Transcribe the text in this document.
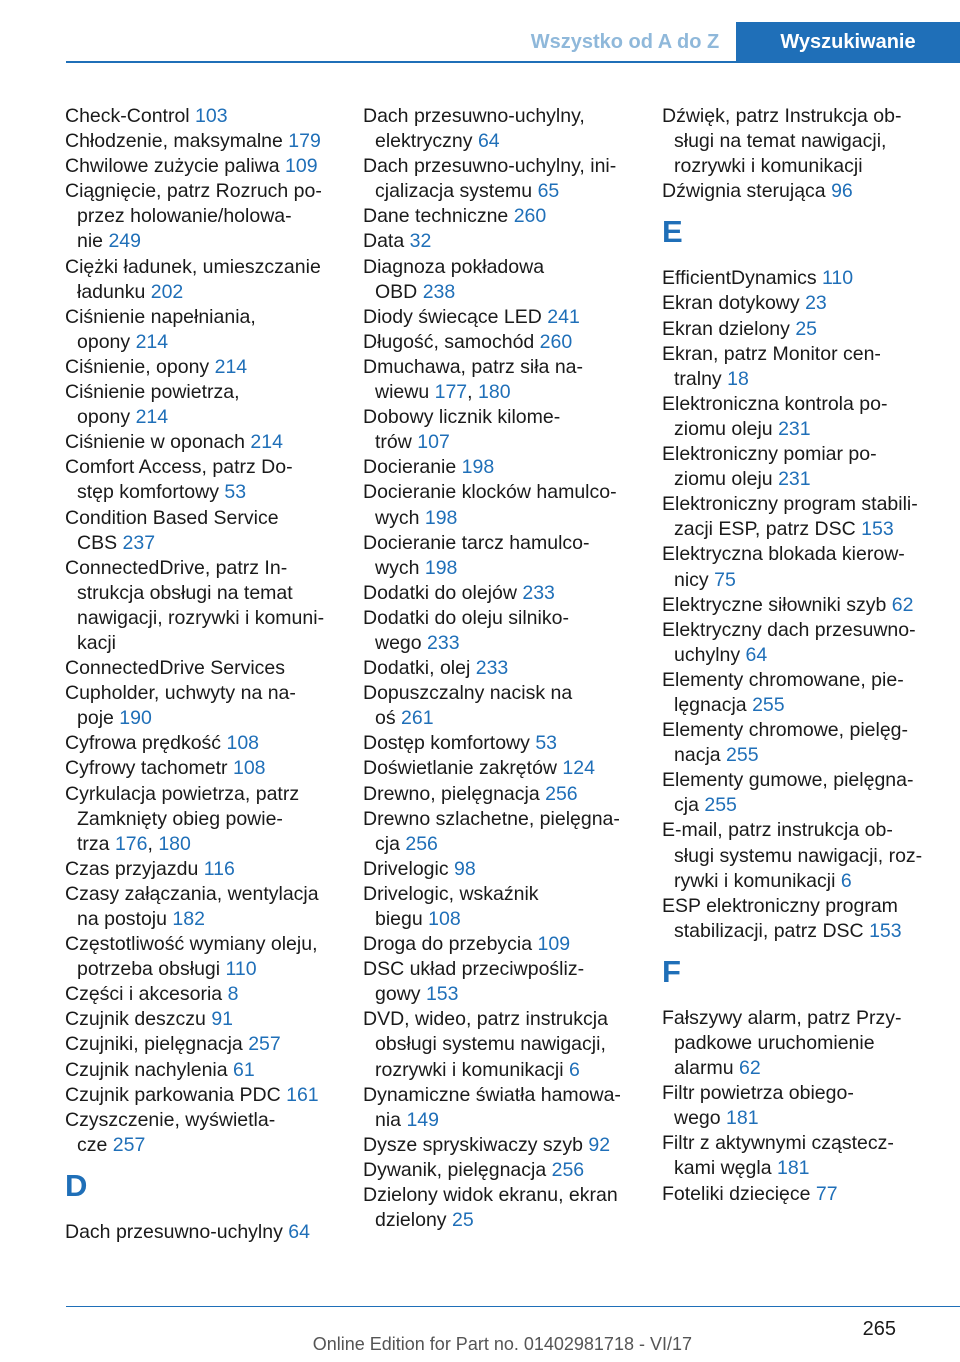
Wszystko od A do Z	Wyszukiwanie
Check-Control 103
Chłodzenie, maksymalne 179
Chwilowe zużycie paliwa 109
Ciągnięcie, patrz Rozruch po-
przez holowanie/holowa-
nie 249
Ciężki ładunek, umieszczanie
ładunku 202
Ciśnienie napełniania,
opony 214
Ciśnienie, opony 214
Ciśnienie powietrza,
opony 214
Ciśnienie w oponach 214
Comfort Access, patrz Do-
stęp komfortowy 53
Condition Based Service
CBS 237
ConnectedDrive, patrz In-
strukcja obsługi na temat
nawigacji, rozrywki i komuni-
kacji
ConnectedDrive Services
Cupholder, uchwyty na na-
poje 190
Cyfrowa prędkość 108
Cyfrowy tachometr 108
Cyrkulacja powietrza, patrz
Zamknięty obieg powie-
trza 176, 180
Czas przyjazdu 116
Czasy załączania, wentylacja
na postoju 182
Częstotliwość wymiany oleju,
potrzeba obsługi 110
Części i akcesoria 8
Czujnik deszczu 91
Czujniki, pielęgnacja 257
Czujnik nachylenia 61
Czujnik parkowania PDC 161
Czyszczenie, wyświetla-
cze 257
D
Dach przesuwno-uchylny 64
Dach przesuwno-uchylny,
elektryczny 64
Dach przesuwno-uchylny, ini-
cjalizacja systemu 65
Dane techniczne 260
Data 32
Diagnoza pokładowa
OBD 238
Diody świecące LED 241
Długość, samochód 260
Dmuchawa, patrz siła na-
wiewu 177, 180
Dobowy licznik kilome-
trów 107
Docieranie 198
Docieranie klocków hamulco-
wych 198
Docieranie tarcz hamulco-
wych 198
Dodatki do olejów 233
Dodatki do oleju silniko-
wego 233
Dodatki, olej 233
Dopuszczalny nacisk na
oś 261
Dostęp komfortowy 53
Doświetlanie zakrętów 124
Drewno, pielęgnacja 256
Drewno szlachetne, pielęgna-
cja 256
Drivelogic 98
Drivelogic, wskaźnik
biegu 108
Droga do przebycia 109
DSC układ przeciwpośliz-
gowy 153
DVD, wideo, patrz instrukcja
obsługi systemu nawigacji,
rozrywki i komunikacji 6
Dynamiczne światła hamowa-
nia 149
Dysze spryskiwaczy szyb 92
Dywanik, pielęgnacja 256
Dzielony widok ekranu, ekran
dzielony 25
Dźwięk, patrz Instrukcja ob-
sługi na temat nawigacji,
rozrywki i komunikacji
Dźwignia sterująca 96
E
EfficientDynamics 110
Ekran dotykowy 23
Ekran dzielony 25
Ekran, patrz Monitor cen-
tralny 18
Elektroniczna kontrola po-
ziomu oleju 231
Elektroniczny pomiar po-
ziomu oleju 231
Elektroniczny program stabili-
zacji ESP, patrz DSC 153
Elektryczna blokada kierow-
nicy 75
Elektryczne siłowniki szyb 62
Elektryczny dach przesuwno-
uchylny 64
Elementy chromowane, pie-
lęgnacja 255
Elementy chromowe, pielęg-
nacja 255
Elementy gumowe, pielęgna-
cja 255
E-mail, patrz instrukcja ob-
sługi systemu nawigacji, roz-
rywki i komunikacji 6
ESP elektroniczny program
stabilizacji, patrz DSC 153
F
Fałszywy alarm, patrz Przy-
padkowe uruchomienie
alarmu 62
Filtr powietrza obiego-
wego 181
Filtr z aktywnymi cząstecz-
kami węgla 181
Foteliki dziecięce 77
265
Online Edition for Part no. 01402981718 - VI/17
